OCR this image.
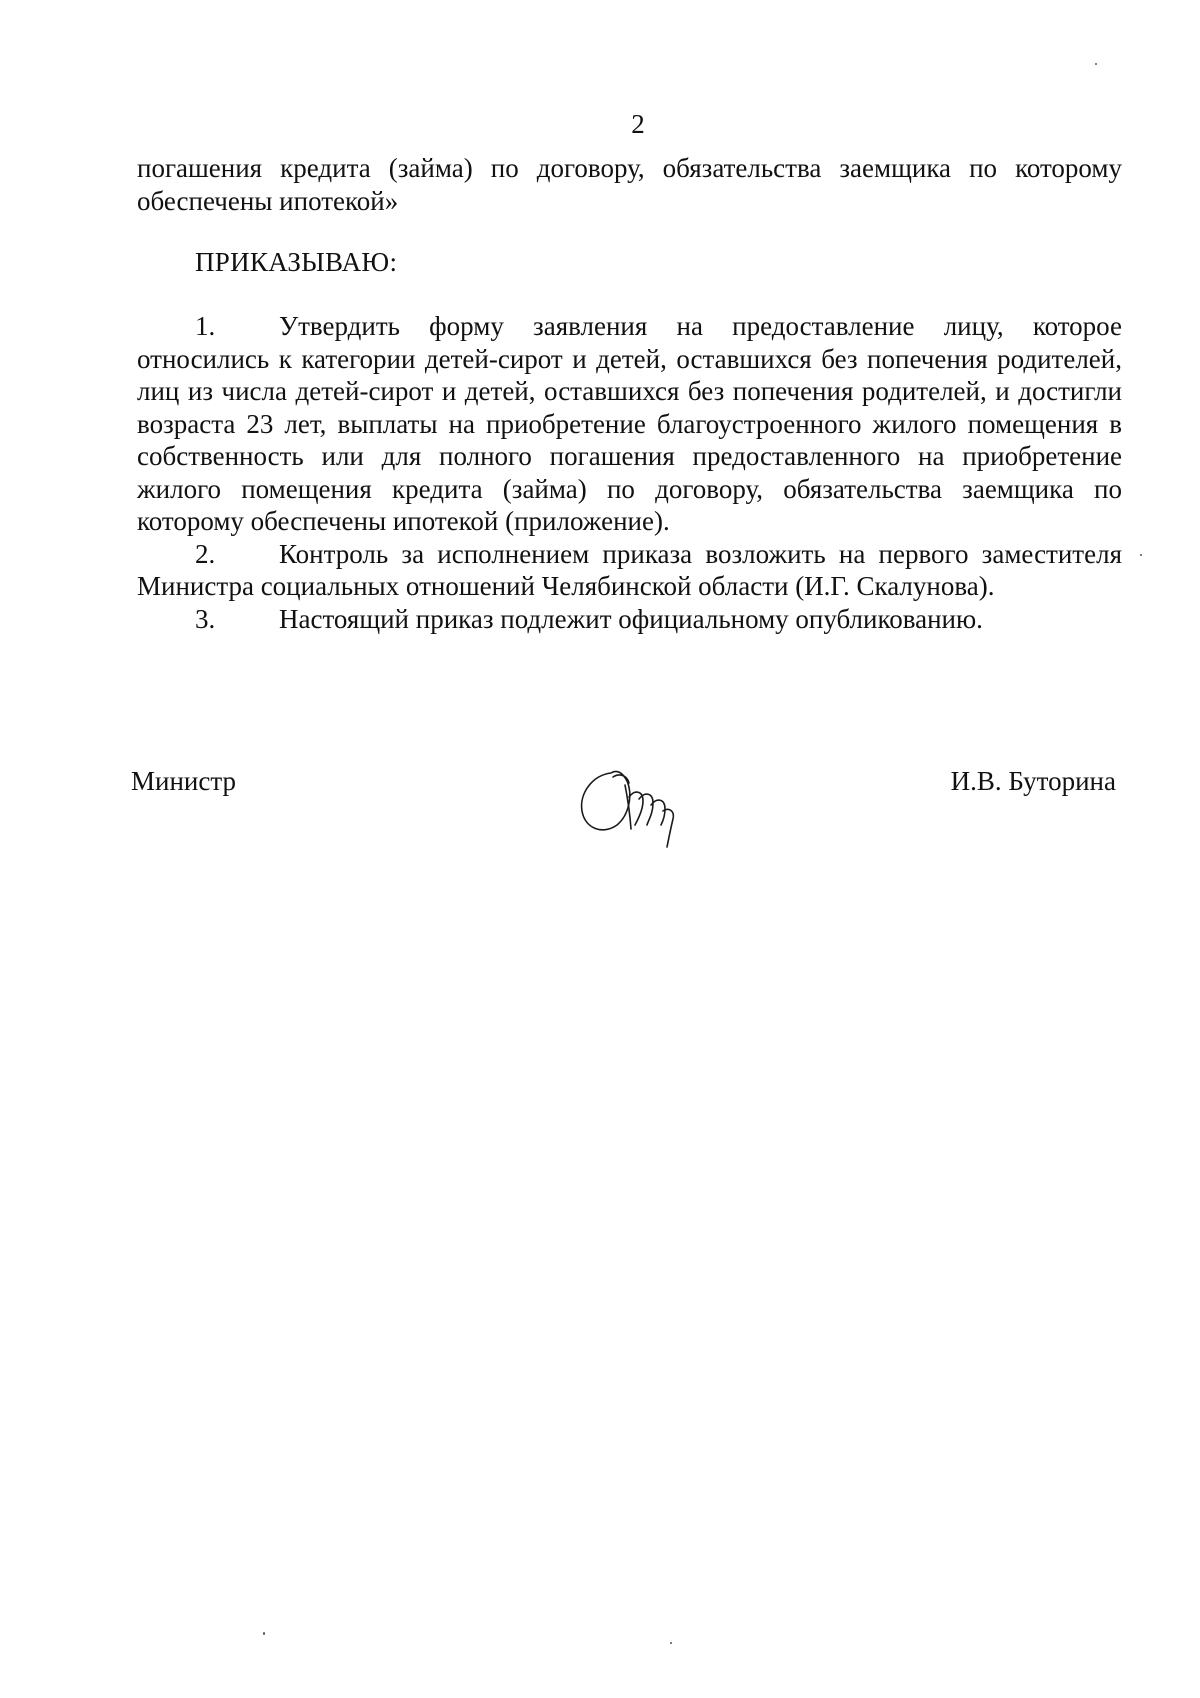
2
погашения кредита (займа) по договору, обязательства заемщика по которому обеспечены ипотекой»
ПРИКАЗЫВАЮ:

1. Утвердить форму заявления на предоставление лицу, которое относились к категории детей-сирот и детей, оставшихся без попечения родителей, лиц из числа детей-сирот и детей, оставшихся без попечения родителей, и достигли возраста 23 лет, выплаты на приобретение благоустроенного жилого помещения в собственность или для полного погашения предоставленного на приобретение жилого помещения кредита (займа) по договору, обязательства заемщика по которому обеспечены ипотекой (приложение).

2. Контроль за исполнением приказа возложить на первого заместителя Министра социальных отношений Челябинской области (И.Г. Скалунова).

3. Настоящий приказ подлежит официальному опубликованию.

Министр	И.В. Буторина
